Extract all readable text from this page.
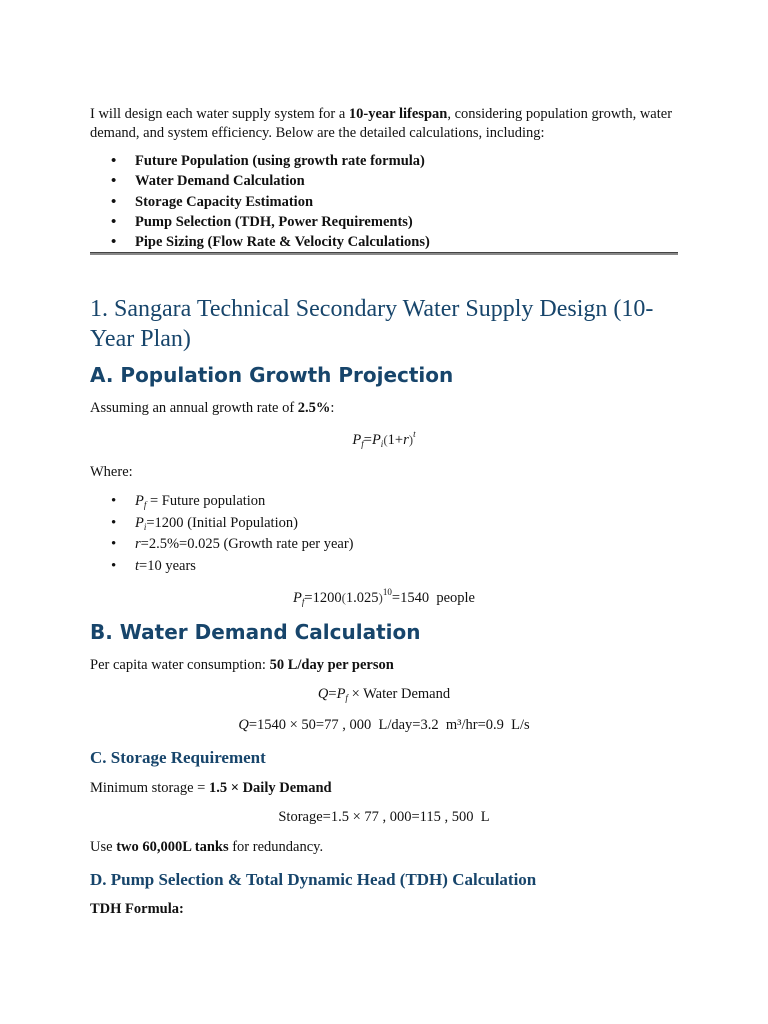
I will design each water supply system for a 10-year lifespan, considering population growth, water demand, and system efficiency. Below are the detailed calculations, including:

• Future Population (using growth rate formula)
• Water Demand Calculation
• Storage Capacity Estimation
• Pump Selection (TDH, Power Requirements)
• Pipe Sizing (Flow Rate & Velocity Calculations)
1. Sangara Technical Secondary Water Supply Design (10-Year Plan)
A. Population Growth Projection

Assuming an annual growth rate of 2.5%:

$P_f=P_i(1+r)^t$

Where:

• $P_f$ = Future population
• $P_i=1200$ (Initial Population)
• r=2.5%=0.025 (Growth rate per year)
• t=10 years
$P_f=1200(1.025)^{10}=1540$ people
B. Water Demand Calculation

Per capita water consumption: 50 L/day per person

$Q=P_f$ × Water Demand
Q=1540 × 50=77 , 000  L/day=3.2  m³/hr=0.9  L/s
C. Storage Requirement

Minimum storage = 1.5 × Daily Demand

Storage=1.5 × 77 , 000=115 , 500  L

Use two 60,000L tanks for redundancy.

D. Pump Selection & Total Dynamic Head (TDH) Calculation

TDH Formula:
